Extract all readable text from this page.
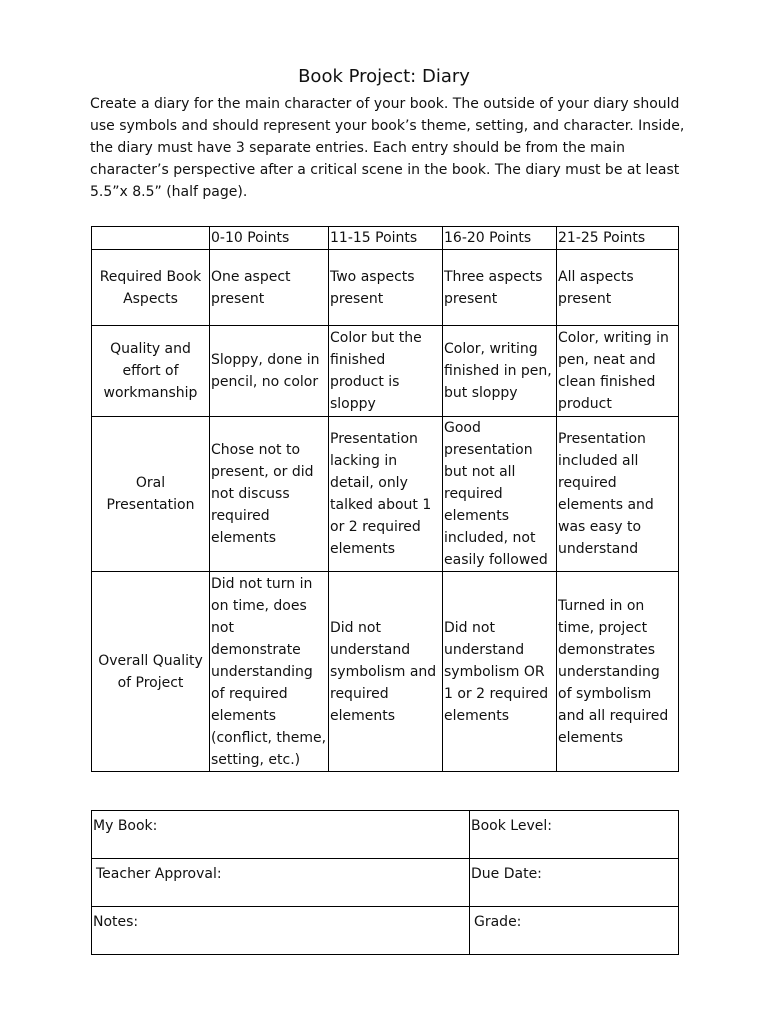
Book Project: Diary

Create a diary for the main character of your book. The outside of your diary should use symbols and should represent your book’s theme, setting, and character. Inside, the diary must have 3 separate entries. Each entry should be from the main character’s perspective after a critical scene in the book. The diary must be at least 5.5”x 8.5” (half page).

	0-10 Points	11-15 Points	16-20 Points	21-25 Points
Required Book Aspects	One aspect present	Two aspects present	Three aspects present	All aspects present
Quality and effort of workmanship	Sloppy, done in pencil, no color	Color but the finished product is sloppy	Color, writing finished in pen, but sloppy	Color, writing in pen, neat and clean finished product
Oral Presentation	Chose not to present, or did not discuss required elements	Presentation lacking in detail, only talked about 1 or 2 required elements	Good presentation but not all required elements included, not easily followed	Presentation included all required elements and was easy to understand
Overall Quality of Project	Did not turn in on time, does not demonstrate understanding of required elements (conflict, theme, setting, etc.)	Did not understand symbolism and required elements	Did not understand symbolism OR 1 or 2 required elements	Turned in on time, project demonstrates understanding of symbolism and all required elements
My Book:	Book Level:
Teacher Approval:	Due Date:
Notes:	Grade:
